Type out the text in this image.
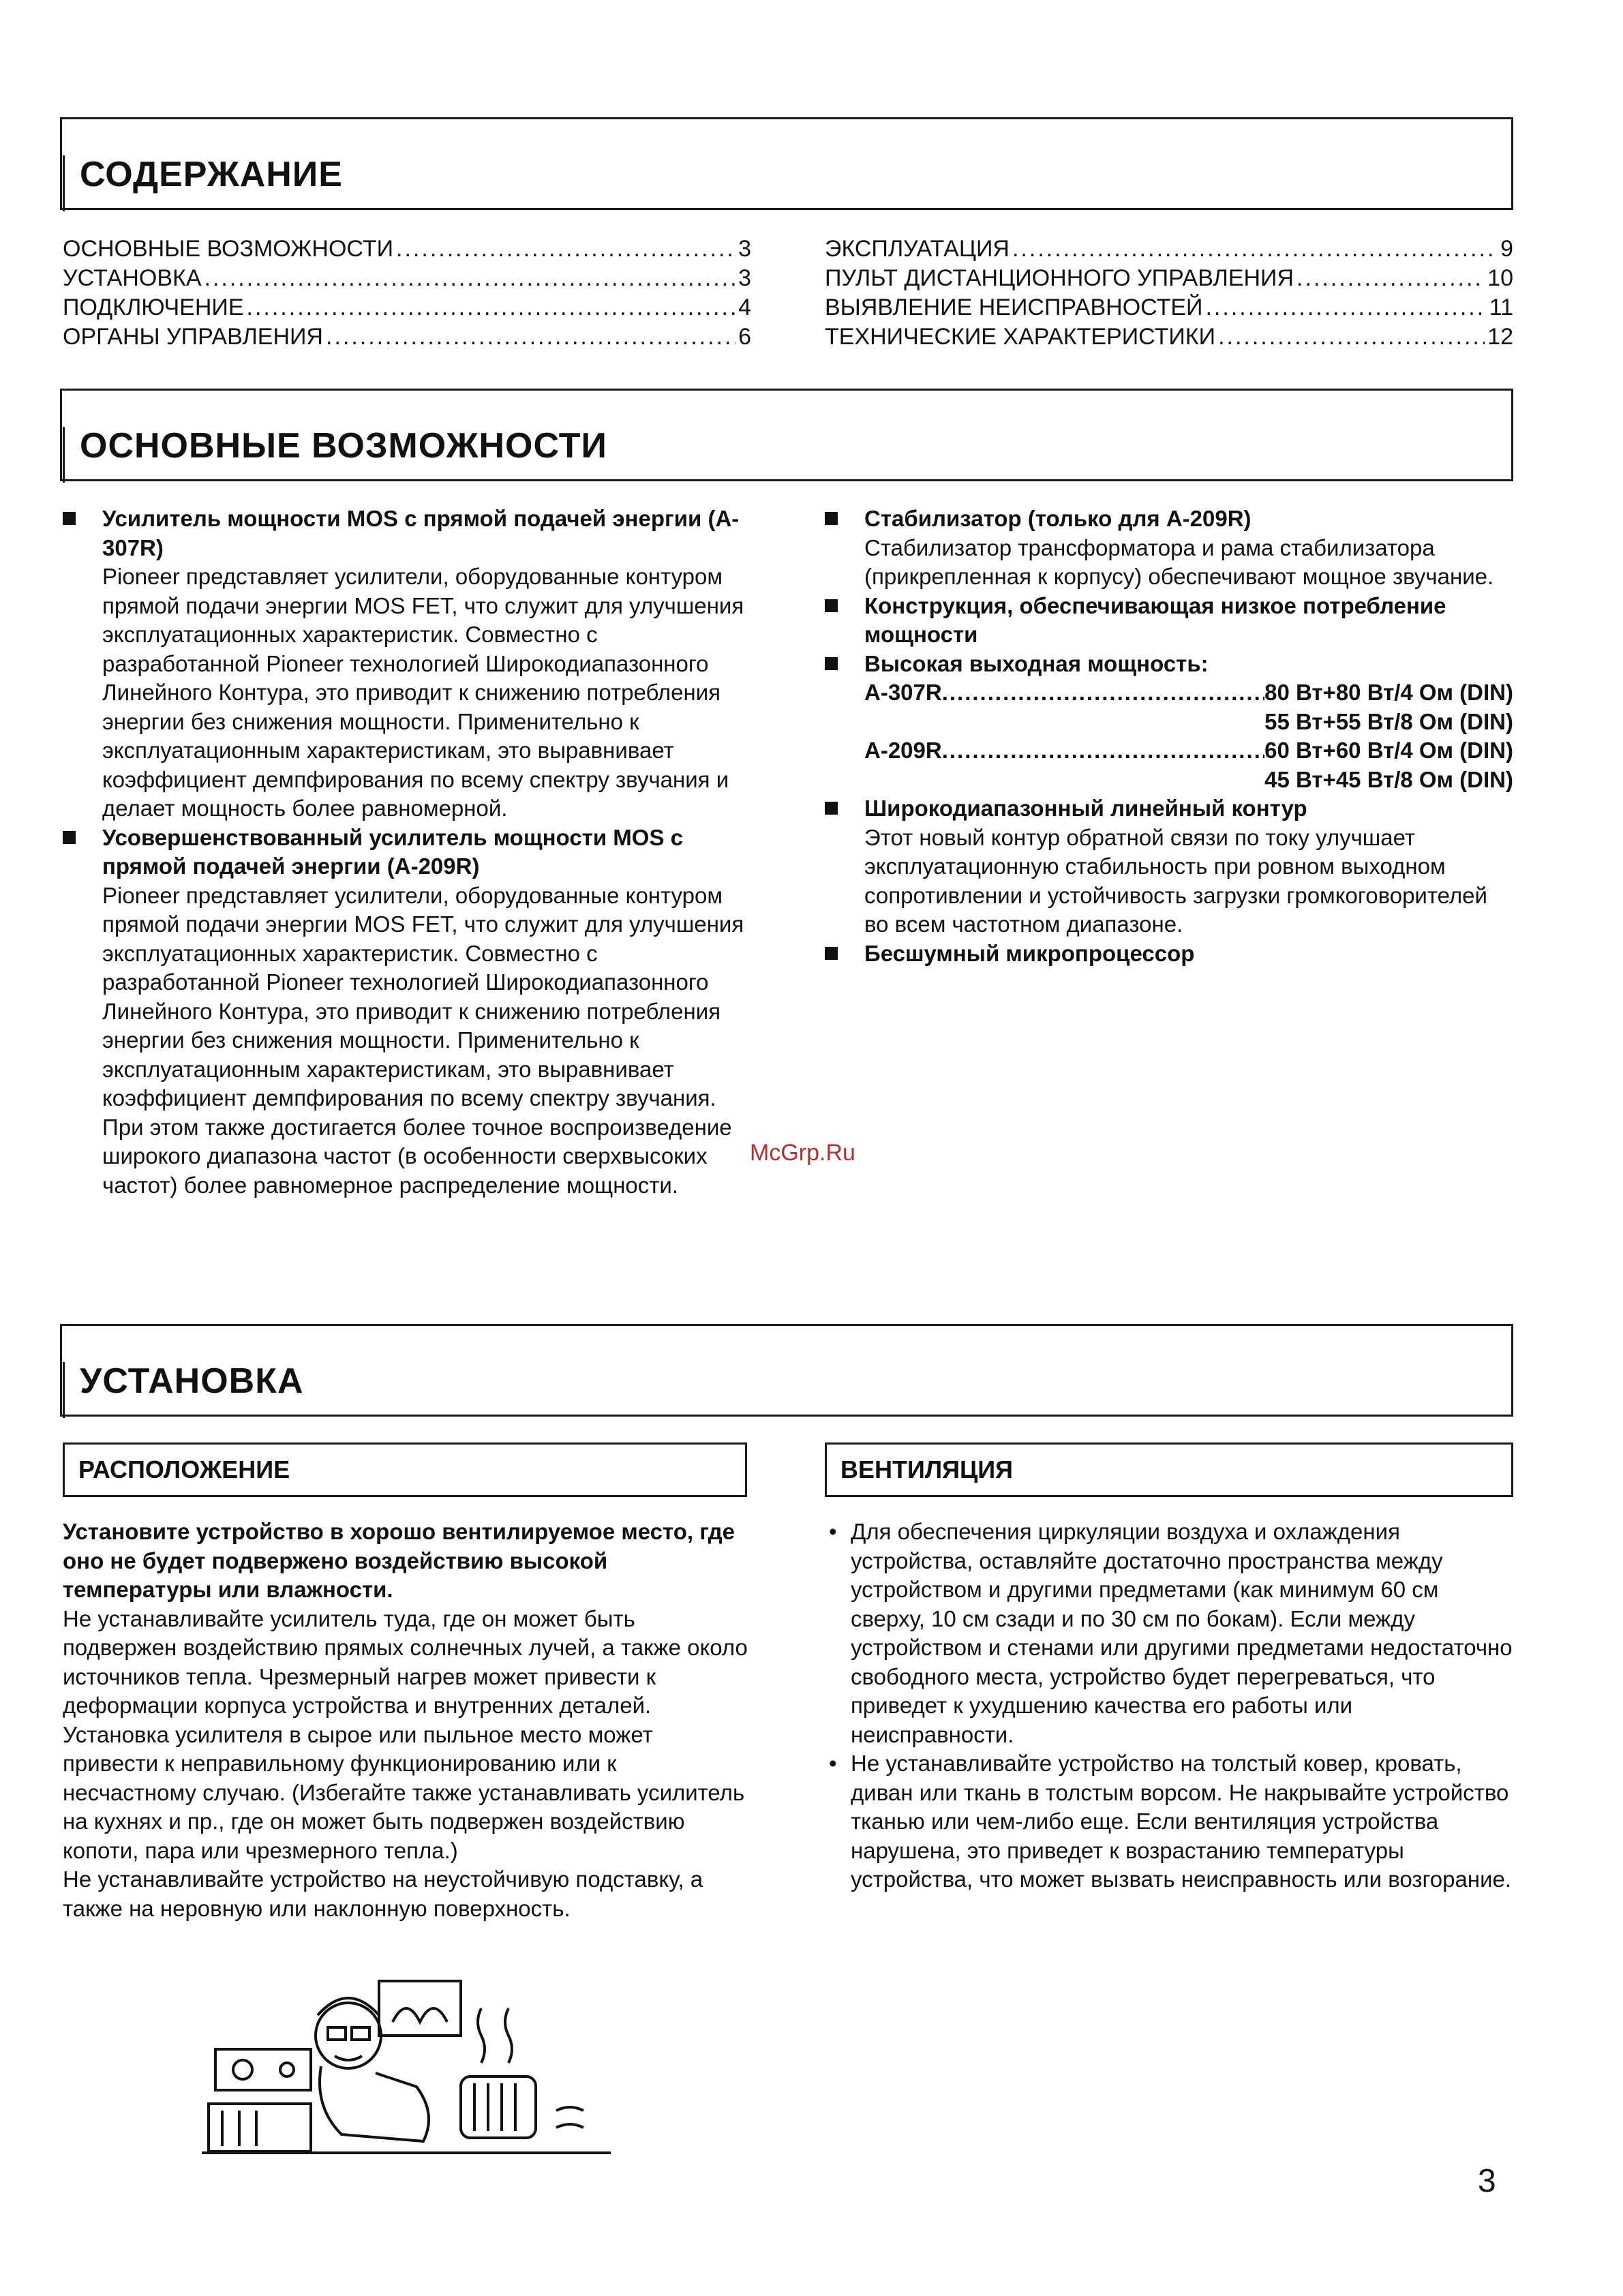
СОДЕРЖАНИЕ
ОСНОВНЫЕ ВОЗМОЖНОСТИ .....	3
УСТАНОВКА .....	3
ПОДКЛЮЧЕНИЕ .....	4
ОРГАНЫ УПРАВЛЕНИЯ .....	6
ЭКСПЛУАТАЦИЯ .....	9
ПУЛЬТ ДИСТАНЦИОННОГО УПРАВЛЕНИЯ .....	10
ВЫЯВЛЕНИЕ НЕИСПРАВНОСТЕЙ .....	11
ТЕХНИЧЕСКИЕ ХАРАКТЕРИСТИКИ .....	12
ОСНОВНЫЕ ВОЗМОЖНОСТИ
Усилитель мощности MOS с прямой подачей энергии (A-307R)
Pioneer представляет усилители, оборудованные контуром прямой подачи энергии MOS FET, что служит для улучшения эксплуатационных характеристик. Совместно с разработанной Pioneer технологией Широкодиапазонного Линейного Контура, это приводит к снижению потребления энергии без снижения мощности. Применительно к эксплуатационным характеристикам, это выравнивает коэффициент демпфирования по всему спектру звучания и делает мощность более равномерной.
Усовершенствованный усилитель мощности MOS с прямой подачей энергии (A-209R)
Pioneer представляет усилители, оборудованные контуром прямой подачи энергии MOS FET, что служит для улучшения эксплуатационных характеристик. Совместно с разработанной Pioneer технологией Широкодиапазонного Линейного Контура, это приводит к снижению потребления энергии без снижения мощности. Применительно к эксплуатационным характеристикам, это выравнивает коэффициент демпфирования по всему спектру звучания. При этом также достигается более точное воспроизведение широкого диапазона частот (в особенности сверхвысоких частот) более равномерное распределение мощности.
Стабилизатор (только для А-209R)
Стабилизатор трансформатора и рама стабилизатора (прикрепленная к корпусу) обеспечивают мощное звучание.
Конструкция, обеспечивающая низкое потребление мощности
Высокая выходная мощность:
A-307R .....	80 Вт+80 Вт/4 Ом (DIN)
55 Вт+55 Вт/8 Ом (DIN)
A-209R .....	60 Вт+60 Вт/4 Ом (DIN)
45 Вт+45 Вт/8 Ом (DIN)
Широкодиапазонный линейный контур
Этот новый контур обратной связи по току улучшает эксплуатационную стабильность при ровном выходном сопротивлении и устойчивость загрузки громкоговорителей во всем частотном диапазоне.
Бесшумный микропроцессор
McGrp.Ru
УСТАНОВКА
РАСПОЛОЖЕНИЕ	ВЕНТИЛЯЦИЯ
Установите устройство в хорошо вентилируемое место, где оно не будет подвержено воздействию высокой температуры или влажности.
Не устанавливайте усилитель туда, где он может быть подвержен воздействию прямых солнечных лучей, а также около источников тепла. Чрезмерный нагрев может привести к деформации корпуса устройства и внутренних деталей. Установка усилителя в сырое или пыльное место может привести к неправильному функционированию или к несчастному случаю. (Избегайте также устанавливать усилитель на кухнях и пр., где он может быть подвержен воздействию копоти, пара или чрезмерного тепла.)
Не устанавливайте устройство на неустойчивую подставку, а также на неровную или наклонную поверхность.
• Для обеспечения циркуляции воздуха и охлаждения устройства, оставляйте достаточно пространства между устройством и другими предметами (как минимум 60 см сверху, 10 см сзади и по 30 см по бокам). Если между устройством и стенами или другими предметами недостаточно свободного места, устройство будет перегреваться, что приведет к ухудшению качества его работы или неисправности.
• Не устанавливайте устройство на толстый ковер, кровать, диван или ткань в толстым ворсом. Не накрывайте устройство тканью или чем-либо еще. Если вентиляция устройства нарушена, это приведет к возрастанию температуры устройства, что может вызвать неисправность или возгорание.
3
